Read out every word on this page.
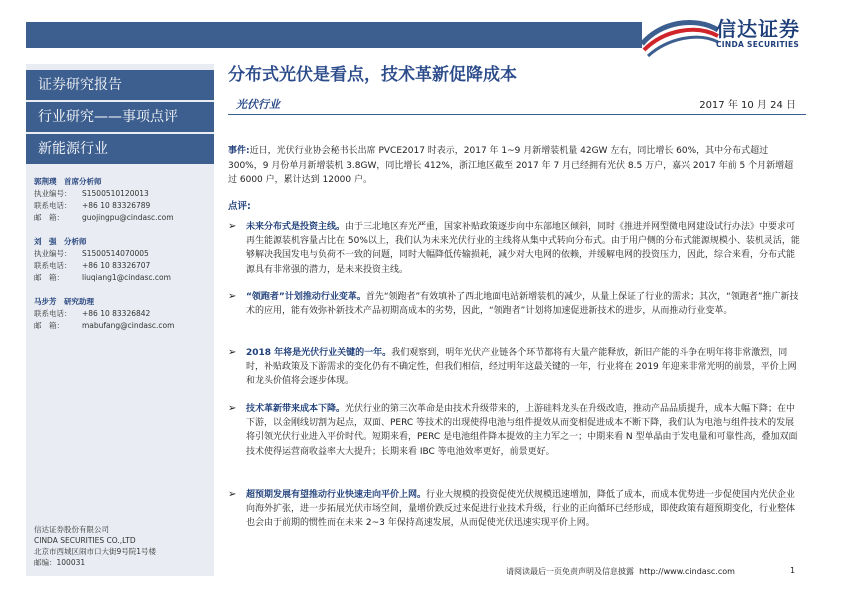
信达证券
CINDA SECURITIES
证券研究报告
行业研究——事项点评
新能源行业
郭荆璞　 首席分析师
执业编号： S1500510120013
联系电话： +86 10 83326789
邮　箱： guojingpu@cindasc.com
刘　强　 分析师
执业编号： S1500514070005
联系电话： +86 10 83326707
邮　箱： liuqiang1@cindasc.com
马步芳　 研究助理
联系电话： +86 10 83326842
邮　箱： mabufang@cindasc.com
信达证券股份有限公司
CINDA SECURITIES CO.,LTD
北京市西城区闹市口大街9号院1号楼
邮编：100031
分布式光伏是看点，技术革新促降成本
光伏行业	2017 年 10 月 24 日
事件:近日，光伏行业协会秘书长出席 PVCE2017 时表示，2017 年 1~9 月新增装机量 42GW 左右，同比增长 60%，其中分布式超过 300%，9 月份单月新增装机 3.8GW，同比增长 412%，浙江地区截至 2017 年 7 月已经拥有光伏 8.5 万户，嘉兴 2017 年前 5 个月新增超过 6000 户，累计达到 12000 户。
点评:
➢ 未来分布式是投资主线。由于三北地区弃光严重，国家补贴政策逐步向中东部地区倾斜，同时《推进并网型微电网建设试行办法》中要求可再生能源装机容量占比在 50%以上，我们认为未来光伏行业的主线将从集中式转向分布式。由于用户侧的分布式能源规模小、装机灵活，能够解决我国发电与负荷不一致的问题，同时大幅降低传输损耗，减少对大电网的依赖，并缓解电网的投资压力，因此，综合来看，分布式能源具有非常强的潜力，是未来投资主线。
➢ “领跑者”计划推动行业变革。首先“领跑者”有效填补了西北地面电站新增装机的减少，从量上保证了行业的需求；其次，“领跑者”推广新技术的应用，能有效弥补新技术产品初期高成本的劣势，因此，“领跑者”计划将加速促进新技术的进步，从而推动行业变革。
➢ 2018 年将是光伏行业关键的一年。我们观察到，明年光伏产业链各个环节都将有大量产能释放，新旧产能的斗争在明年将非常激烈，同时，补贴政策及下游需求的变化仍有不确定性，但我们相信，经过明年这最关键的一年，行业将在 2019 年迎来非常光明的前景，平价上网和龙头价值将会逐步体现。
➢ 技术革新带来成本下降。光伏行业的第三次革命是由技术升级带来的，上游硅料龙头在升级改造，推动产品品质提升，成本大幅下降；在中下游，以金刚线切割为起点，双面、PERC 等技术的出现使得电池与组件提效从而变相促进成本不断下降，我们认为电池与组件技术的发展将引领光伏行业进入平价时代。短期来看，PERC 是电池组件降本提效的主力军之一；中期来看 N 型单晶由于发电量和可靠性高，叠加双面技术使得运营商收益率大大提升；长期来看 IBC 等电池效率更好，前景更好。
➢ 超预期发展有望推动行业快速走向平价上网。行业大规模的投资促使光伏规模迅速增加，降低了成本，而成本优势进一步促使国内光伏企业向海外扩张，进一步拓展光伏市场空间，量增价跌反过来促进行业技术升级，行业的正向循环已经形成，即使政策有超预期变化，行业整体也会由于前期的惯性而在未来 2~3 年保持高速发展，从而促使光伏迅速实现平价上网。
请阅读最后一页免责声明及信息披露 http://www.cindasc.com	1
